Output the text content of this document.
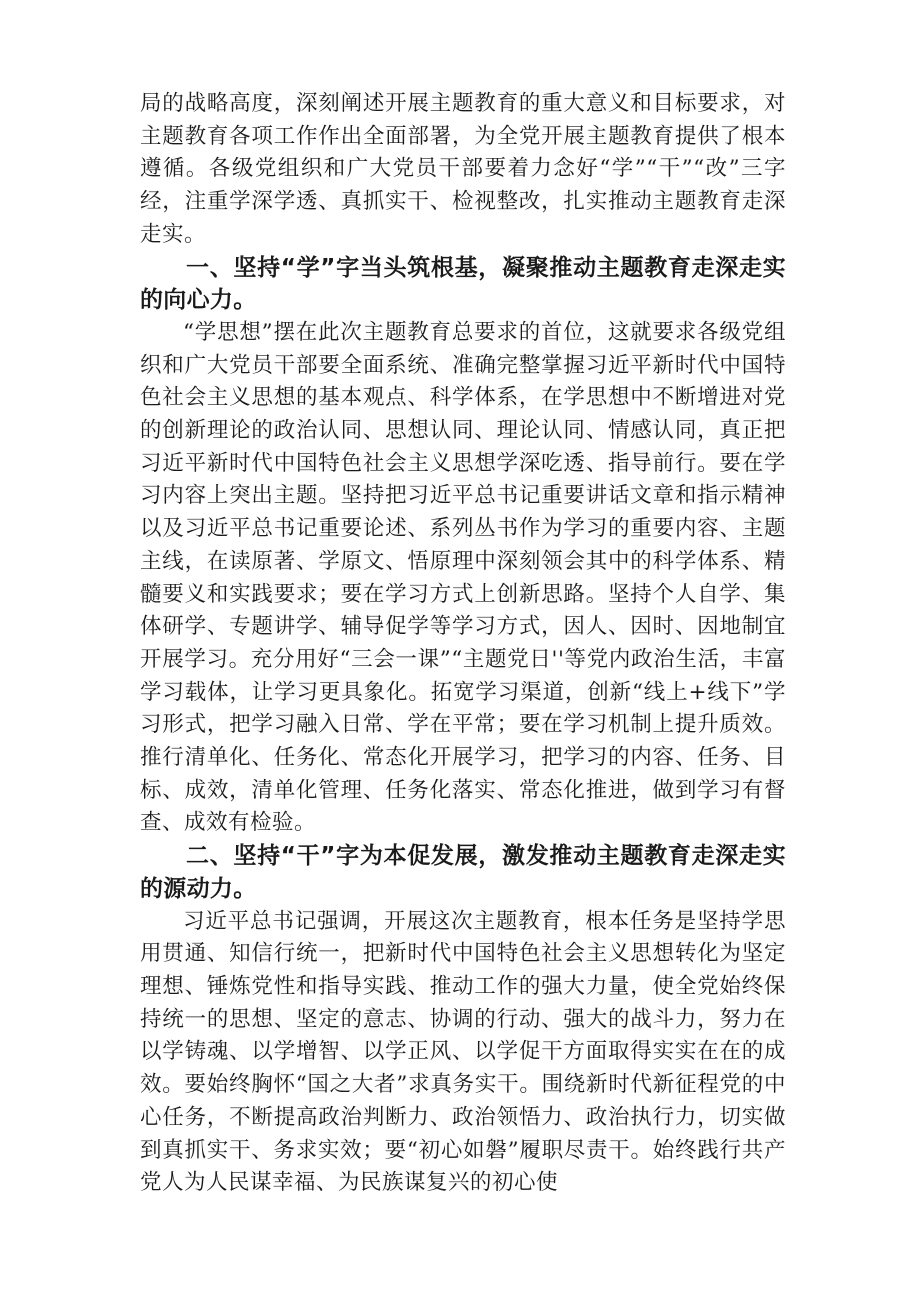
局的战略高度，深刻阐述开展主题教育的重大意义和目标要求，对主题教育各项工作作出全面部署，为全党开展主题教育提供了根本遵循。各级党组织和广大党员干部要着力念好“学”“干”“改”三字经，注重学深学透、真抓实干、检视整改，扎实推动主题教育走深走实。

一、坚持“学”字当头筑根基，凝聚推动主题教育走深走实的向心力。

“学思想”摆在此次主题教育总要求的首位，这就要求各级党组织和广大党员干部要全面系统、准确完整掌握习近平新时代中国特色社会主义思想的基本观点、科学体系，在学思想中不断增进对党的创新理论的政治认同、思想认同、理论认同、情感认同，真正把习近平新时代中国特色社会主义思想学深吃透、指导前行。要在学习内容上突出主题。坚持把习近平总书记重要讲话文章和指示精神以及习近平总书记重要论述、系列丛书作为学习的重要内容、主题主线，在读原著、学原文、悟原理中深刻领会其中的科学体系、精髓要义和实践要求；要在学习方式上创新思路。坚持个人自学、集体研学、专题讲学、辅导促学等学习方式，因人、因时、因地制宜开展学习。充分用好“三会一课”“主题党日''等党内政治生活，丰富学习载体，让学习更具象化。拓宽学习渠道，创新“线上+线下”学习形式，把学习融入日常、学在平常；要在学习机制上提升质效。推行清单化、任务化、常态化开展学习，把学习的内容、任务、目标、成效，清单化管理、任务化落实、常态化推进，做到学习有督查、成效有检验。

二、坚持“干”字为本促发展，激发推动主题教育走深走实的源动力。

习近平总书记强调，开展这次主题教育，根本任务是坚持学思用贯通、知信行统一，把新时代中国特色社会主义思想转化为坚定理想、锤炼党性和指导实践、推动工作的强大力量，使全党始终保持统一的思想、坚定的意志、协调的行动、强大的战斗力，努力在以学铸魂、以学增智、以学正风、以学促干方面取得实实在在的成效。要始终胸怀“国之大者”求真务实干。围绕新时代新征程党的中心任务，不断提高政治判断力、政治领悟力、政治执行力，切实做到真抓实干、务求实效；要“初心如磐”履职尽责干。始终践行共产党人为人民谋幸福、为民族谋复兴的初心使
